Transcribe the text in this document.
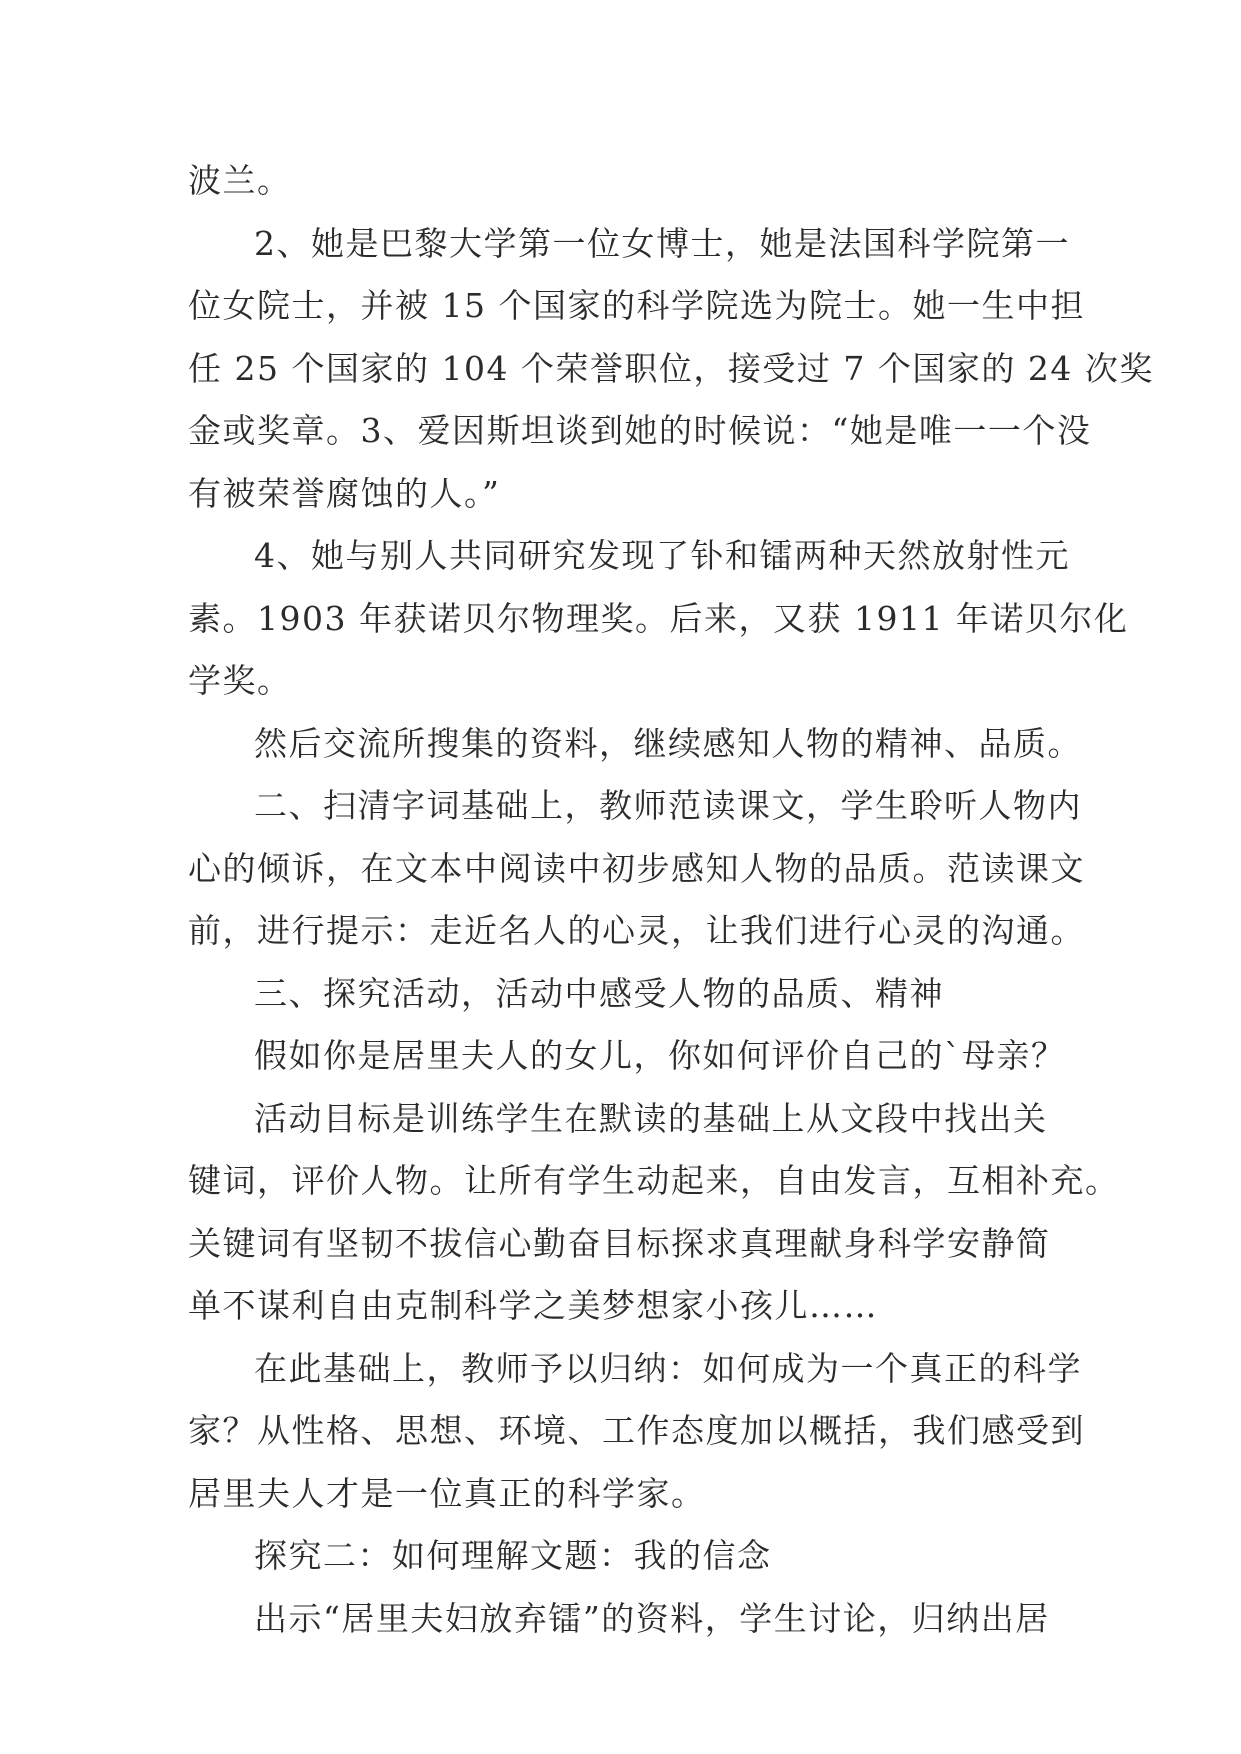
波兰。
2、她是巴黎大学第一位女博士，她是法国科学院第一
位女院士，并被 15 个国家的科学院选为院士。她一生中担
任 25 个国家的 104 个荣誉职位，接受过 7 个国家的 24 次奖
金或奖章。3、爱因斯坦谈到她的时候说：“她是唯一一个没
有被荣誉腐蚀的人。”
4、她与别人共同研究发现了钋和镭两种天然放射性元
素。1903 年获诺贝尔物理奖。后来，又获 1911 年诺贝尔化
学奖。
然后交流所搜集的资料，继续感知人物的精神、品质。
二、扫清字词基础上，教师范读课文，学生聆听人物内
心的倾诉，在文本中阅读中初步感知人物的品质。范读课文
前，进行提示：走近名人的心灵，让我们进行心灵的沟通。
三、探究活动，活动中感受人物的品质、精神
假如你是居里夫人的女儿，你如何评价自己的`母亲？
活动目标是训练学生在默读的基础上从文段中找出关
键词，评价人物。让所有学生动起来，自由发言，互相补充。
关键词有坚韧不拔信心勤奋目标探求真理献身科学安静简
单不谋利自由克制科学之美梦想家小孩儿……
在此基础上，教师予以归纳：如何成为一个真正的科学
家？从性格、思想、环境、工作态度加以概括，我们感受到
居里夫人才是一位真正的科学家。
探究二：如何理解文题：我的信念
出示“居里夫妇放弃镭”的资料，学生讨论，归纳出居
